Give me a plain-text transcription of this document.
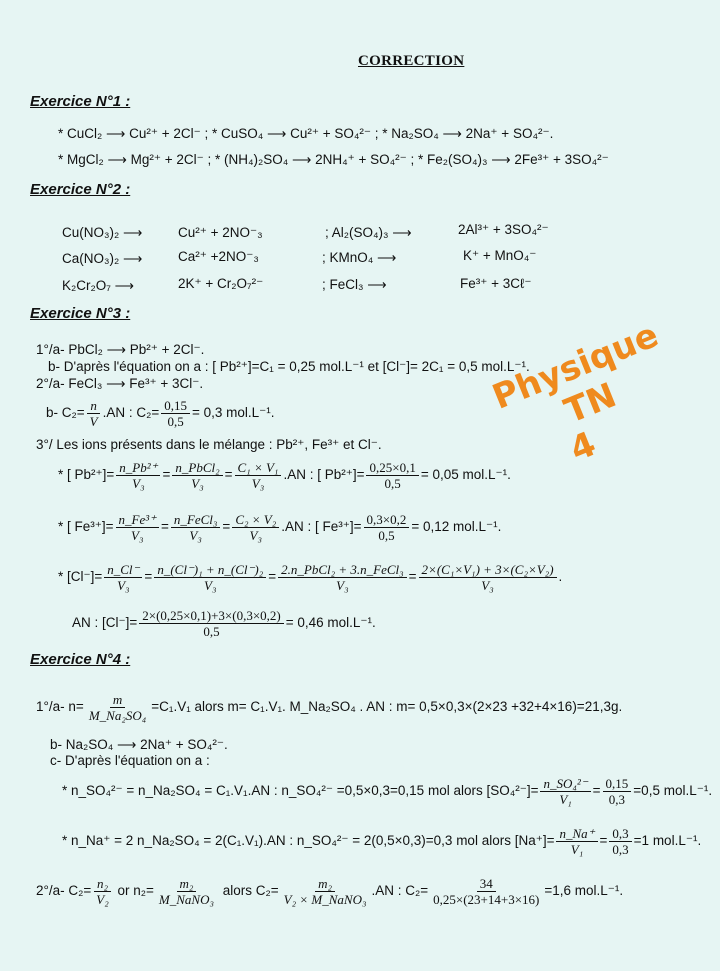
CORRECTION
Physique TN
4
Exercice N°1 :
* CuCl₂ ⟶ Cu²⁺ + 2Cl⁻ ; * CuSO₄ ⟶ Cu²⁺ + SO₄²⁻ ; * Na₂SO₄ ⟶ 2Na⁺ + SO₄²⁻.
* MgCl₂ ⟶ Mg²⁺ + 2Cl⁻ ; * (NH₄)₂SO₄ ⟶ 2NH₄⁺ + SO₄²⁻ ; * Fe₂(SO₄)₃ ⟶ 2Fe³⁺ + 3SO₄²⁻
Exercice N°2 :
Cu(NO₃)₂ ⟶	Cu²⁺ + 2NO⁻₃	; Al₂(SO₄)₃ ⟶	2Al³⁺ + 3SO₄²⁻
Ca(NO₃)₂ ⟶	Ca²⁺ +2NO⁻₃	; KMnO₄ ⟶	K⁺ + MnO₄⁻
K₂Cr₂O₇ ⟶	2K⁺ + Cr₂O₇²⁻	; FeCl₃ ⟶	Fe³⁺ + 3Cℓ⁻
Exercice N°3 :
1°/a- PbCl₂ ⟶ Pb²⁺ + 2Cl⁻.
b- D'après l'équation on a : [ Pb²⁺]=C₁ = 0,25 mol.L⁻¹ et [Cl⁻]= 2C₁ = 0,5 mol.L⁻¹.
2°/a- FeCl₃ ⟶ Fe³⁺ + 3Cl⁻.
b- $C_2= \frac{n}{V} .AN$ : $C_2= \frac{0,15}{0,5} = 0,3$ mol.L⁻¹.
3°/ Les ions présents dans le mélange : Pb²⁺, Fe³⁺ et Cl⁻.
* [ $Pb^{2+}]= \frac{\text{n\_Pb²⁺}}{\text{V₃}} = \frac{\text{n\_PbCl₂}}{\text{V₃}} = \frac{\text{C₁ × V₁}}{\text{V₃}} .AN$ : [ $Pb^{2+}]= \frac{0,25\times 0,1}{0,5} = 0,05$ mol.L⁻¹.
* [ $Fe^{3+}]= \frac{\text{n\_Fe³⁺}}{\text{V₃}} = \frac{\text{n\_FeCl₃}}{\text{V₃}} = \frac{\text{C₂ × V₂}}{\text{V₃}} .AN$ : [ $Fe^{3+}]= \frac{0,3\times 0,2}{0,5} = 0,12$ mol.L⁻¹.
* $[Cl^-]= \frac{n\_Cl^-}{\text{V₃}} = \frac{\text{n\_(Cl⁻)₁ + n\_(Cl⁻)₂}}{\text{V₃}} = \frac{\text{2.n\_PbCl₂ + 3.n\_FeCl₃}}{\text{V₃}} = \frac{\text{2×(C₁×V₁) + 3×(C₂×V₂)}}{\text{V₃}}$ .
AN : $[Cl^-]= \frac{2\times(0,25\times 0,1)+3\times(0,3\times 0,2)}{0,5} = 0,46$ mol.L⁻¹.
Exercice N°4 :
1°/a- $n= \frac{m}{\text{M\_Na₂SO₄}} =C_1.V_1$ alors m= C₁.V₁. M_Na₂SO₄ . AN : m= 0,5×0,3×(2×23 +32+4×16)=21,3g.
b- Na₂SO₄ ⟶ 2Na⁺ + SO₄²⁻.
c- D'après l'équation on a :
* n_SO₄²⁻ = n_Na₂SO₄ = C₁.V₁.AN : n_SO₄²⁻ =0,5×0,3=0,15 mol alors $[SO_4^{2-}]= \frac{\text{n\_SO₄²⁻}}{\text{V₁}} = \frac{0,15}{0,3} =0,5$ mol.L⁻¹.
* n_Na⁺ = 2 n_Na₂SO₄ = 2(C₁.V₁).AN : n_SO₄²⁻ = 2(0,5×0,3)=0,3 mol alors $[Na^+]= \frac{n\_Na^+}{\text{V₁}} = \frac{0,3}{0,3} =1$ mol.L⁻¹.
2°/a- $C_2= \frac{\text{n₂}}{\text{V₂}}$ or $n_2= \frac{\text{m₂}}{\text{M\_NaNO₃}}$ alors $C_2= \frac{\text{m₂}}{\text{V₂ × M\_NaNO₃}} .AN$ : $C_2= \frac{34}{0,25\times(23+14+3\times 16)} =1,6$ mol.L⁻¹.
